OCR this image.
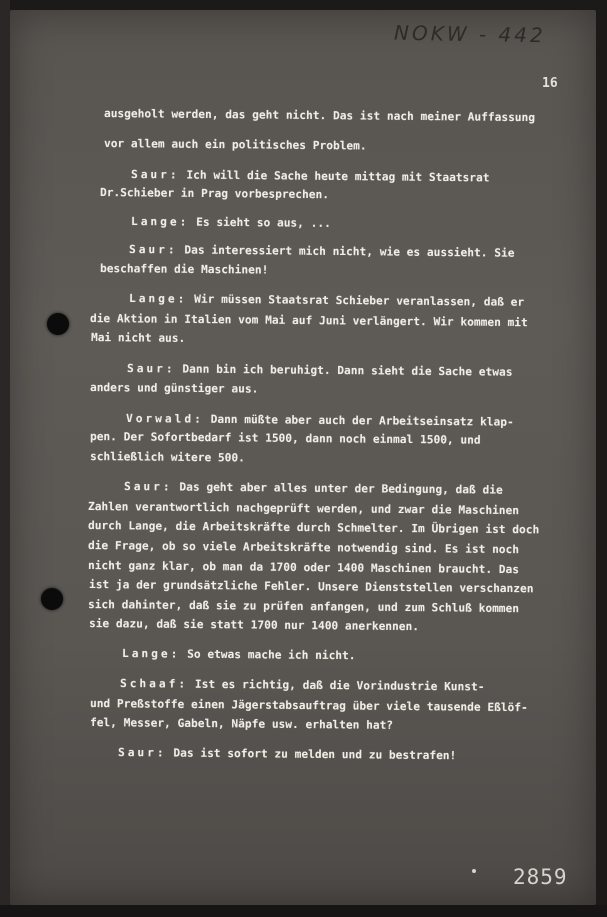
NOKW - 442
16
ausgeholt werden, das geht nicht. Das ist nach meiner Auffassung
vor allem auch ein politisches Problem.
Saur: Ich will die Sache heute mittag mit Staatsrat
Dr.Schieber in Prag vorbesprechen.
Lange: Es sieht so aus, ...
Saur: Das interessiert mich nicht, wie es aussieht. Sie
beschaffen die Maschinen!
Lange: Wir müssen Staatsrat Schieber veranlassen, daß er
die Aktion in Italien vom Mai auf Juni verlängert. Wir kommen mit
Mai nicht aus.
Saur: Dann bin ich beruhigt. Dann sieht die Sache etwas
anders und günstiger aus.
Vorwald: Dann müßte aber auch der Arbeitseinsatz klap-
pen. Der Sofortbedarf ist 1500, dann noch einmal 1500, und
schließlich witere 500.
Saur: Das geht aber alles unter der Bedingung, daß die
Zahlen verantwortlich nachgeprüft werden, und zwar die Maschinen
durch Lange, die Arbeitskräfte durch Schmelter. Im Übrigen ist doch
die Frage, ob so viele Arbeitskräfte notwendig sind. Es ist noch
nicht ganz klar, ob man da 1700 oder 1400 Maschinen braucht. Das
ist ja der grundsätzliche Fehler. Unsere Dienststellen verschanzen
sich dahinter, daß sie zu prüfen anfangen, und zum Schluß kommen
sie dazu, daß sie statt 1700 nur 1400 anerkennen.
Lange: So etwas mache ich nicht.
Schaaf: Ist es richtig, daß die Vorindustrie Kunst-
und Preßstoffe einen Jägerstabsauftrag über viele tausende Eßlöf-
fel, Messer, Gabeln, Näpfe usw. erhalten hat?
Saur: Das ist sofort zu melden und zu bestrafen!
2859
